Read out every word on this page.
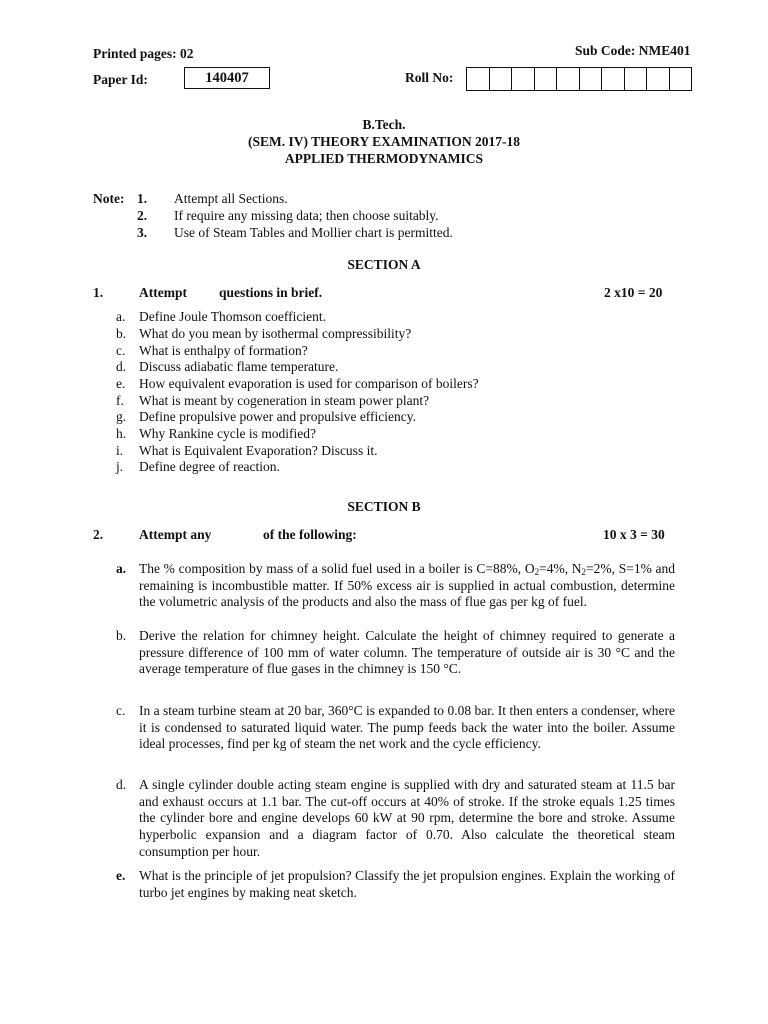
Printed pages: 02	Sub Code: NME401
Paper Id:	140407	Roll No:
B.Tech.
(SEM. IV) THEORY EXAMINATION 2017-18
APPLIED THERMODYNAMICS
Note: 1.	Attempt all Sections.
2.	If require any missing data; then choose suitably.
3.	Use of Steam Tables and Mollier chart is permitted.
SECTION A
1.	Attempt questions in brief.	2 x10 = 20
a.	Define Joule Thomson coefficient.
b. What do you mean by isothermal compressibility?
c.	What is enthalpy of formation?
d. Discuss adiabatic flame temperature.
e.	How equivalent evaporation is used for comparison of boilers?
f.	What is meant by cogeneration in steam power plant?
g. Define propulsive power and propulsive efficiency.
h. Why Rankine cycle is modified?
i.	What is Equivalent Evaporation? Discuss it.
j.	Define degree of reaction.
SECTION B
2.	Attempt any	of the following:	10 x 3 = 30
a. The % composition by mass of a solid fuel used in a boiler is C=88%, $O_2=4\%$, $N_2=2\%$, S=1% and remaining is incombustible matter. If 50% excess air is supplied in actual combustion, determine the volumetric analysis of the products and also the mass of flue gas per kg of fuel.
b. Derive the relation for chimney height. Calculate the height of chimney required to generate a pressure difference of 100 mm of water column. The temperature of outside air is 30 °C and the average temperature of flue gases in the chimney is 150 °C.
c.	In a steam turbine steam at 20 bar, 360°C is expanded to 0.08 bar. It then enters a condenser, where it is condensed to saturated liquid water. The pump feeds back the water into the boiler. Assume ideal processes, find per kg of steam the net work and the cycle efficiency.
d. A single cylinder double acting steam engine is supplied with dry and saturated steam at 11.5 bar and exhaust occurs at 1.1 bar. The cut-off occurs at 40% of stroke. If the stroke equals 1.25 times the cylinder bore and engine develops 60 kW at 90 rpm, determine the bore and stroke. Assume hyperbolic expansion and a diagram factor of 0.70. Also calculate the theoretical steam consumption per hour.
e.	What is the principle of jet propulsion? Classify the jet propulsion engines. Explain the working of turbo jet engines by making neat sketch.
